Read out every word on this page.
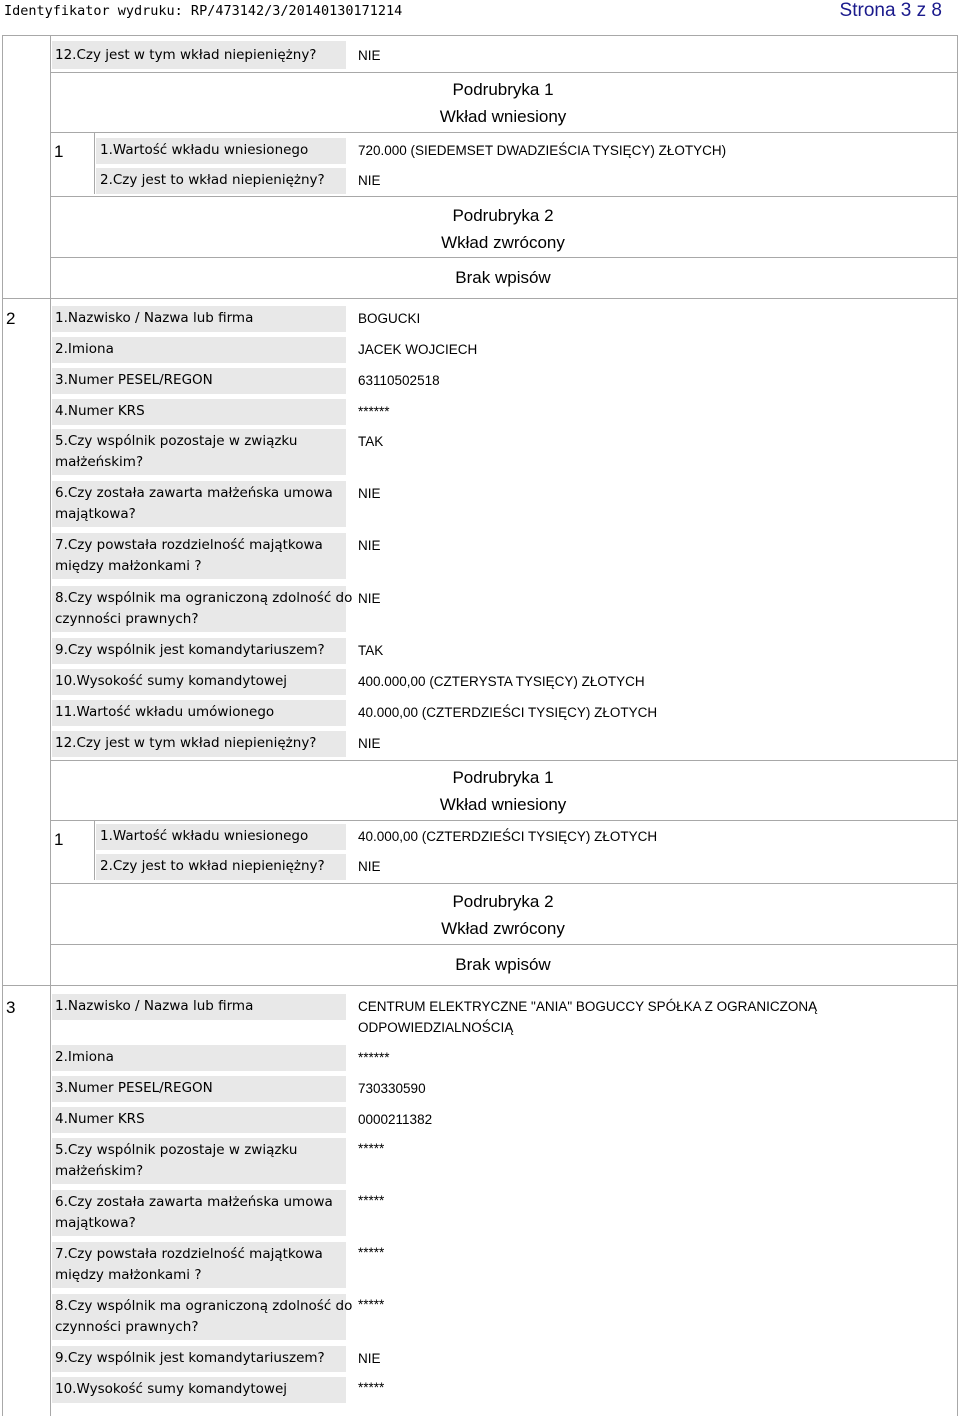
Identyfikator wydruku: RP/473142/3/20140130171214	Strona 3 z 8
12.Czy jest w tym wkład niepieniężny?	NIE
Podrubryka 1
Wkład wniesiony
1	1.Wartość wkładu wniesionego	720.000 (SIEDEMSET DWADZIEŚCIA TYSIĘCY) ZŁOTYCH)
2.Czy jest to wkład niepieniężny? NIE
Podrubryka 2
Wkład zwrócony
Brak wpisów
2	1.Nazwisko / Nazwa lub firma	BOGUCKI
2.Imiona	JACEK WOJCIECH
3.Numer PESEL/REGON	63110502518
4.Numer KRS	******
5.Czy wspólnik pozostaje w związku
małżeńskim?
TAK
6.Czy została zawarta małżeńska umowa
majątkowa?
NIE
7.Czy powstała rozdzielność majątkowa
między małżonkami ?
NIE
8.Czy wspólnik ma ograniczoną zdolność do
czynności prawnych?
NIE
9.Czy wspólnik jest komandytariuszem? TAK
10.Wysokość sumy komandytowej	400.000,00 (CZTERYSTA TYSIĘCY) ZŁOTYCH
11.Wartość wkładu umówionego	40.000,00 (CZTERDZIEŚCI TYSIĘCY) ZŁOTYCH
12.Czy jest w tym wkład niepieniężny?	NIE
Podrubryka 1
Wkład wniesiony
1	1.Wartość wkładu wniesionego	40.000,00 (CZTERDZIEŚCI TYSIĘCY) ZŁOTYCH
2.Czy jest to wkład niepieniężny? NIE
Podrubryka 2
Wkład zwrócony
Brak wpisów
3	1.Nazwisko / Nazwa lub firma	CENTRUM ELEKTRYCZNE "ANIA" BOGUCCY SPÓŁKA Z OGRANICZONĄ
ODPOWIEDZIALNOŚCIĄ
2.Imiona	******
3.Numer PESEL/REGON	730330590
4.Numer KRS	0000211382
5.Czy wspólnik pozostaje w związku
małżeńskim?
*****
6.Czy została zawarta małżeńska umowa
majątkowa?
*****
7.Czy powstała rozdzielność majątkowa
między małżonkami ?
*****
8.Czy wspólnik ma ograniczoną zdolność do
czynności prawnych?
*****
9.Czy wspólnik jest komandytariuszem? NIE
10.Wysokość sumy komandytowej	*****
